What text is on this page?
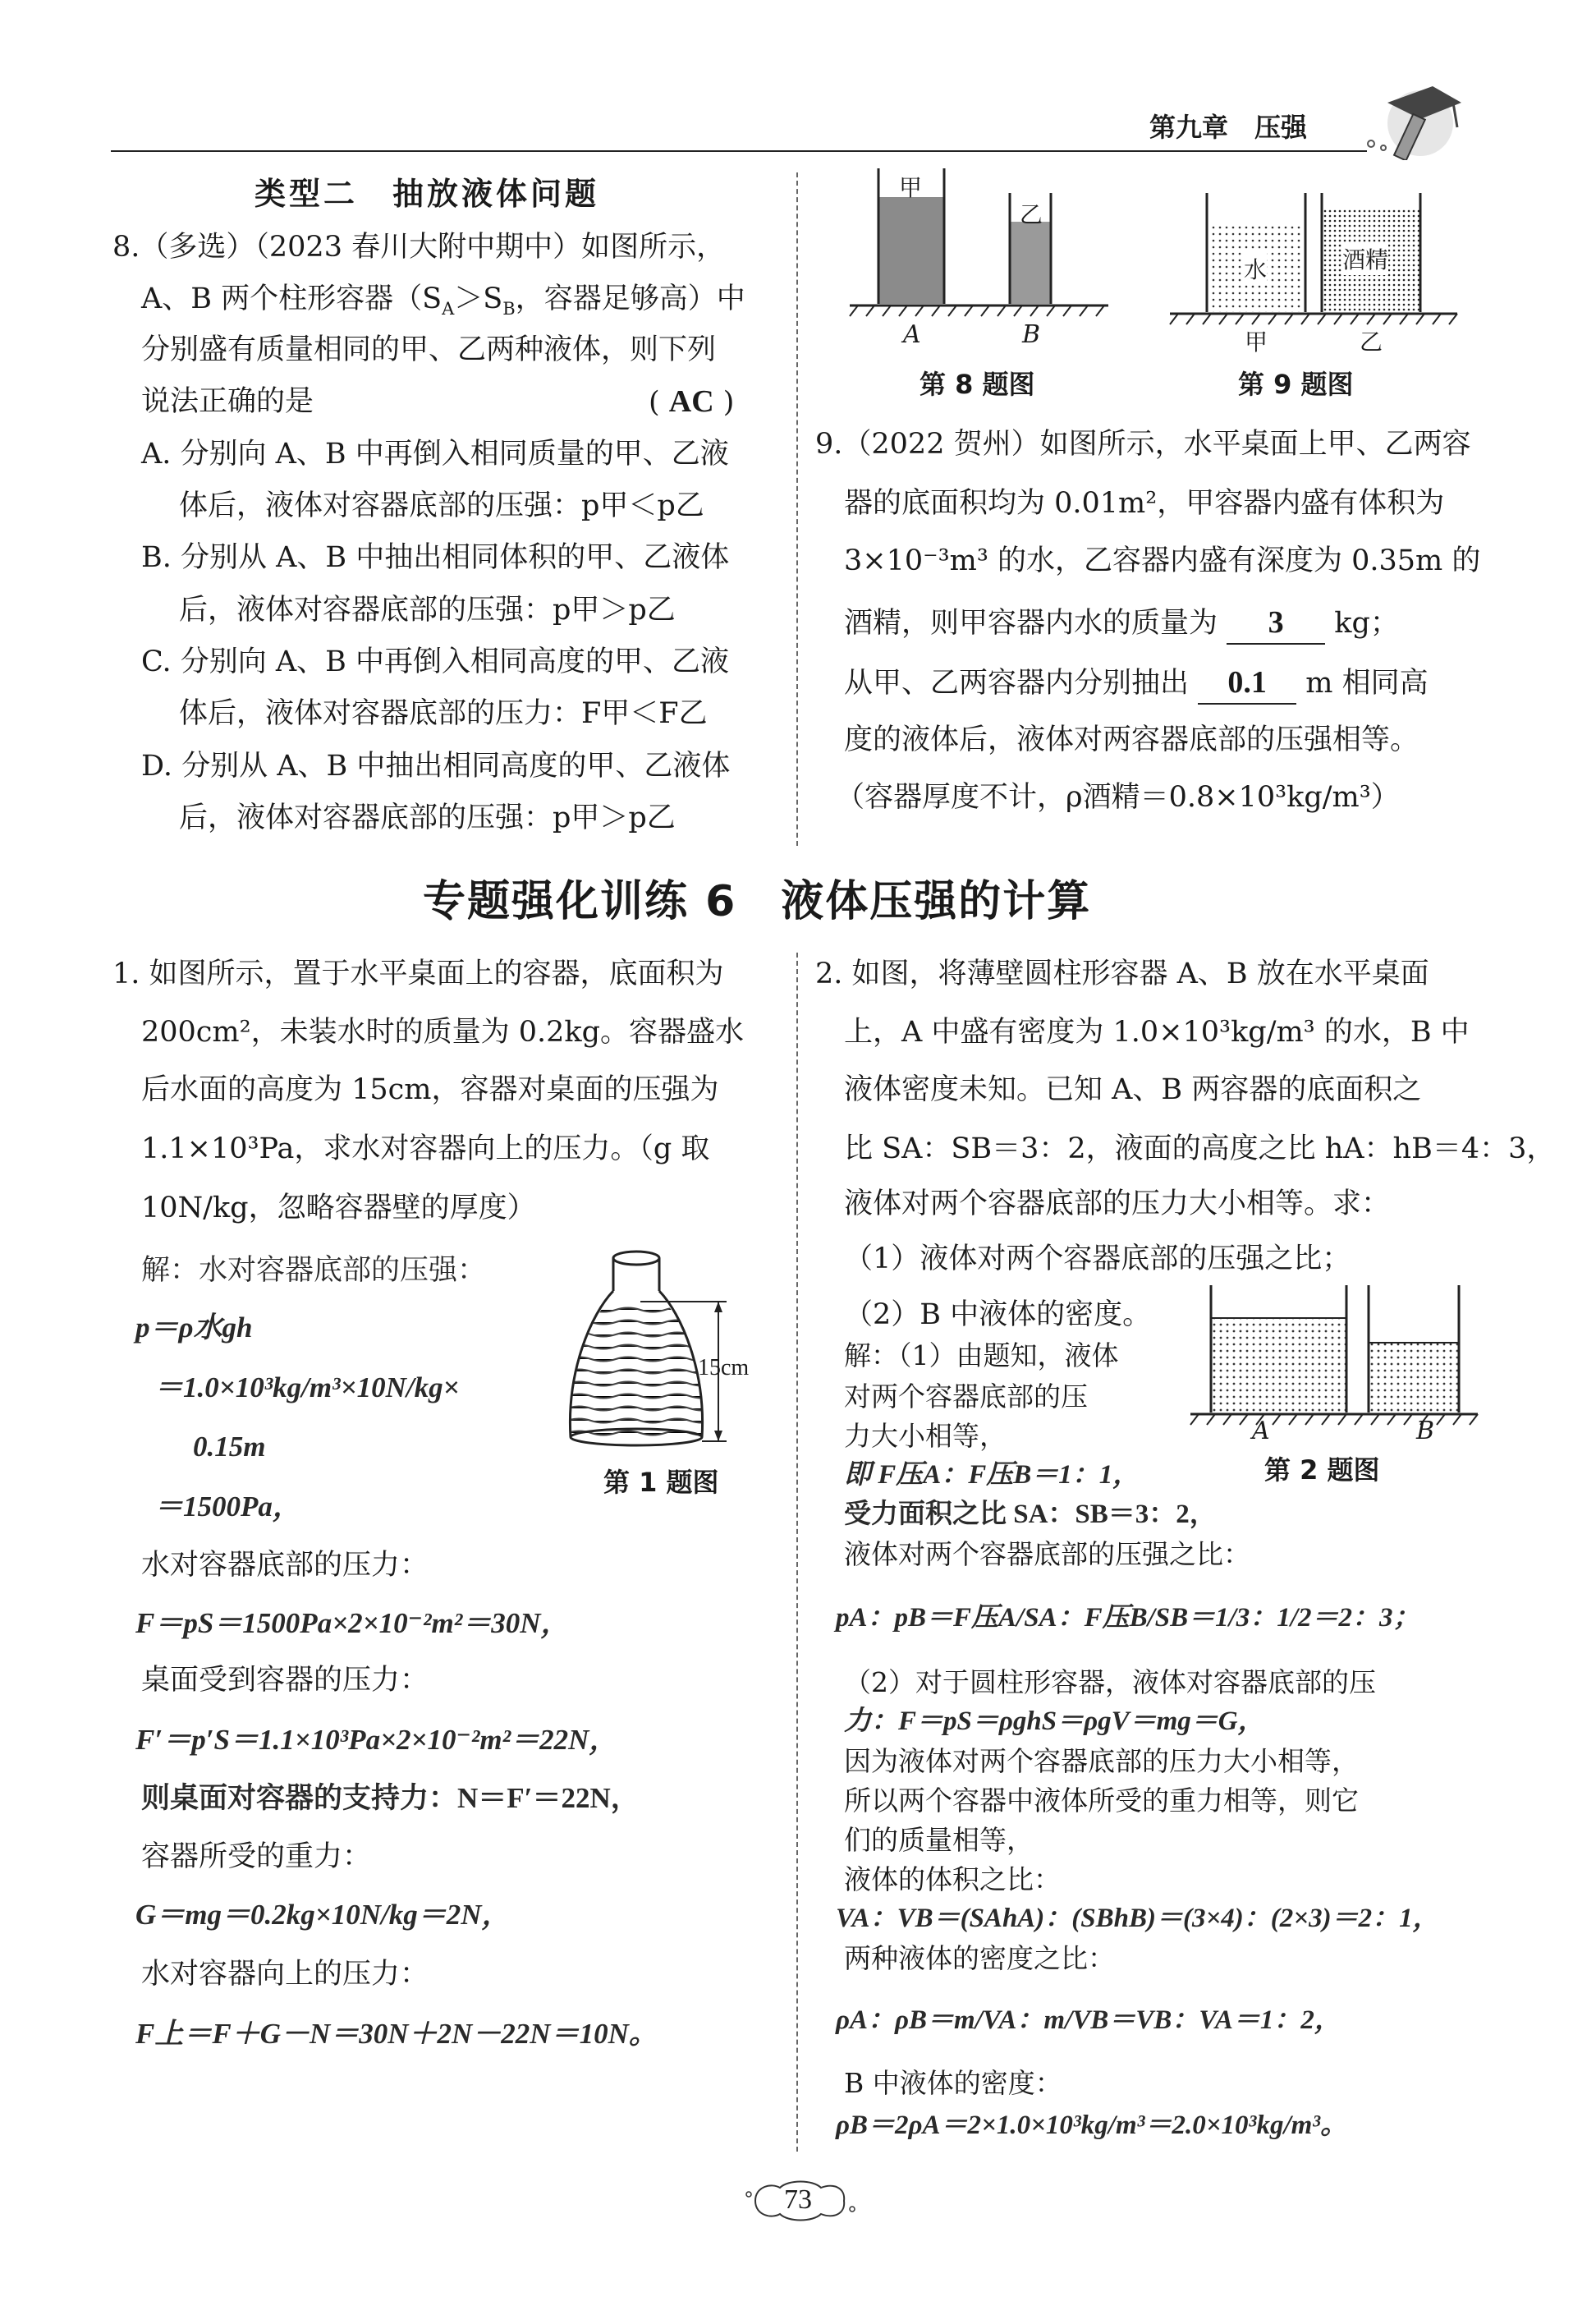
第九章　压强
类型二　抽放液体问题
8.（多选）（2023 春川大附中期中）如图所示，
A、B 两个柱形容器（$S_A>S_B$，容器足够高）中
分别盛有质量相同的甲、乙两种液体，则下列
说法正确的是	( AC )
A. 分别向 A、B 中再倒入相同质量的甲、乙液
体后，液体对容器底部的压强：p甲＜p乙
B. 分别从 A、B 中抽出相同体积的甲、乙液体
后，液体对容器底部的压强：p甲＞p乙
C. 分别向 A、B 中再倒入相同高度的甲、乙液
体后，液体对容器底部的压力：F甲＜F乙
D. 分别从 A、B 中抽出相同高度的甲、乙液体
后，液体对容器底部的压强：p甲＞p乙
甲
乙
A	B
第 8 题图
水	酒精
甲	乙
第 9 题图
9.（2022 贺州）如图所示，水平桌面上甲、乙两容
器的底面积均为 0.01m²，甲容器内盛有体积为
3×10⁻³m³ 的水，乙容器内盛有深度为 0.35m 的
酒精，则甲容器内水的质量为 3 kg；
从甲、乙两容器内分别抽出 0.1 m 相同高
度的液体后，液体对两容器底部的压强相等。
（容器厚度不计，ρ酒精＝0.8×10³kg/m³）
专题强化训练 6　液体压强的计算
1. 如图所示，置于水平桌面上的容器，底面积为
200cm²，未装水时的质量为 0.2kg。容器盛水
后水面的高度为 15cm，容器对桌面的压强为
1.1×10³Pa，求水对容器向上的压力。（g 取
10N/kg，忽略容器壁的厚度）
解：水对容器底部的压强：
p＝ρ水gh
＝1.0×10³kg/m³×10N/kg×
0.15m
＝1500Pa，
水对容器底部的压力：
F＝pS＝1500Pa×2×10⁻²m²＝30N，
桌面受到容器的压力：
F′＝p′S＝1.1×10³Pa×2×10⁻²m²＝22N，
则桌面对容器的支持力：N＝F′＝22N，
容器所受的重力：
G＝mg＝0.2kg×10N/kg＝2N，
水对容器向上的压力：
F上＝F＋G－N＝30N＋2N－22N＝10N。
15cm
第 1 题图
2. 如图，将薄壁圆柱形容器 A、B 放在水平桌面
上，A 中盛有密度为 1.0×10³kg/m³ 的水，B 中
液体密度未知。已知 A、B 两容器的底面积之
比 SA：SB＝3：2，液面的高度之比 hA：hB＝4：3，
液体对两个容器底部的压力大小相等。求：
（1）液体对两个容器底部的压强之比；
（2）B 中液体的密度。
解：（1）由题知，液体
对两个容器底部的压
力大小相等，
即 F压A：F压B＝1：1，
受力面积之比 SA：SB＝3：2，
液体对两个容器底部的压强之比：
pA：pB＝F压A/SA：F压B/SB＝1/3：1/2＝2：3；
（2）对于圆柱形容器，液体对容器底部的压
力：F＝pS＝ρghS＝ρgV＝mg＝G，
因为液体对两个容器底部的压力大小相等，
所以两个容器中液体所受的重力相等，则它
们的质量相等，
液体的体积之比：
VA：VB＝(SAhA)：(SBhB)＝(3×4)：(2×3)＝2：1，
两种液体的密度之比：
ρA：ρB＝m/VA：m/VB＝VB：VA＝1：2，
B 中液体的密度：
ρB＝2ρA＝2×1.0×10³kg/m³＝2.0×10³kg/m³。
A	B
第 2 题图
73
